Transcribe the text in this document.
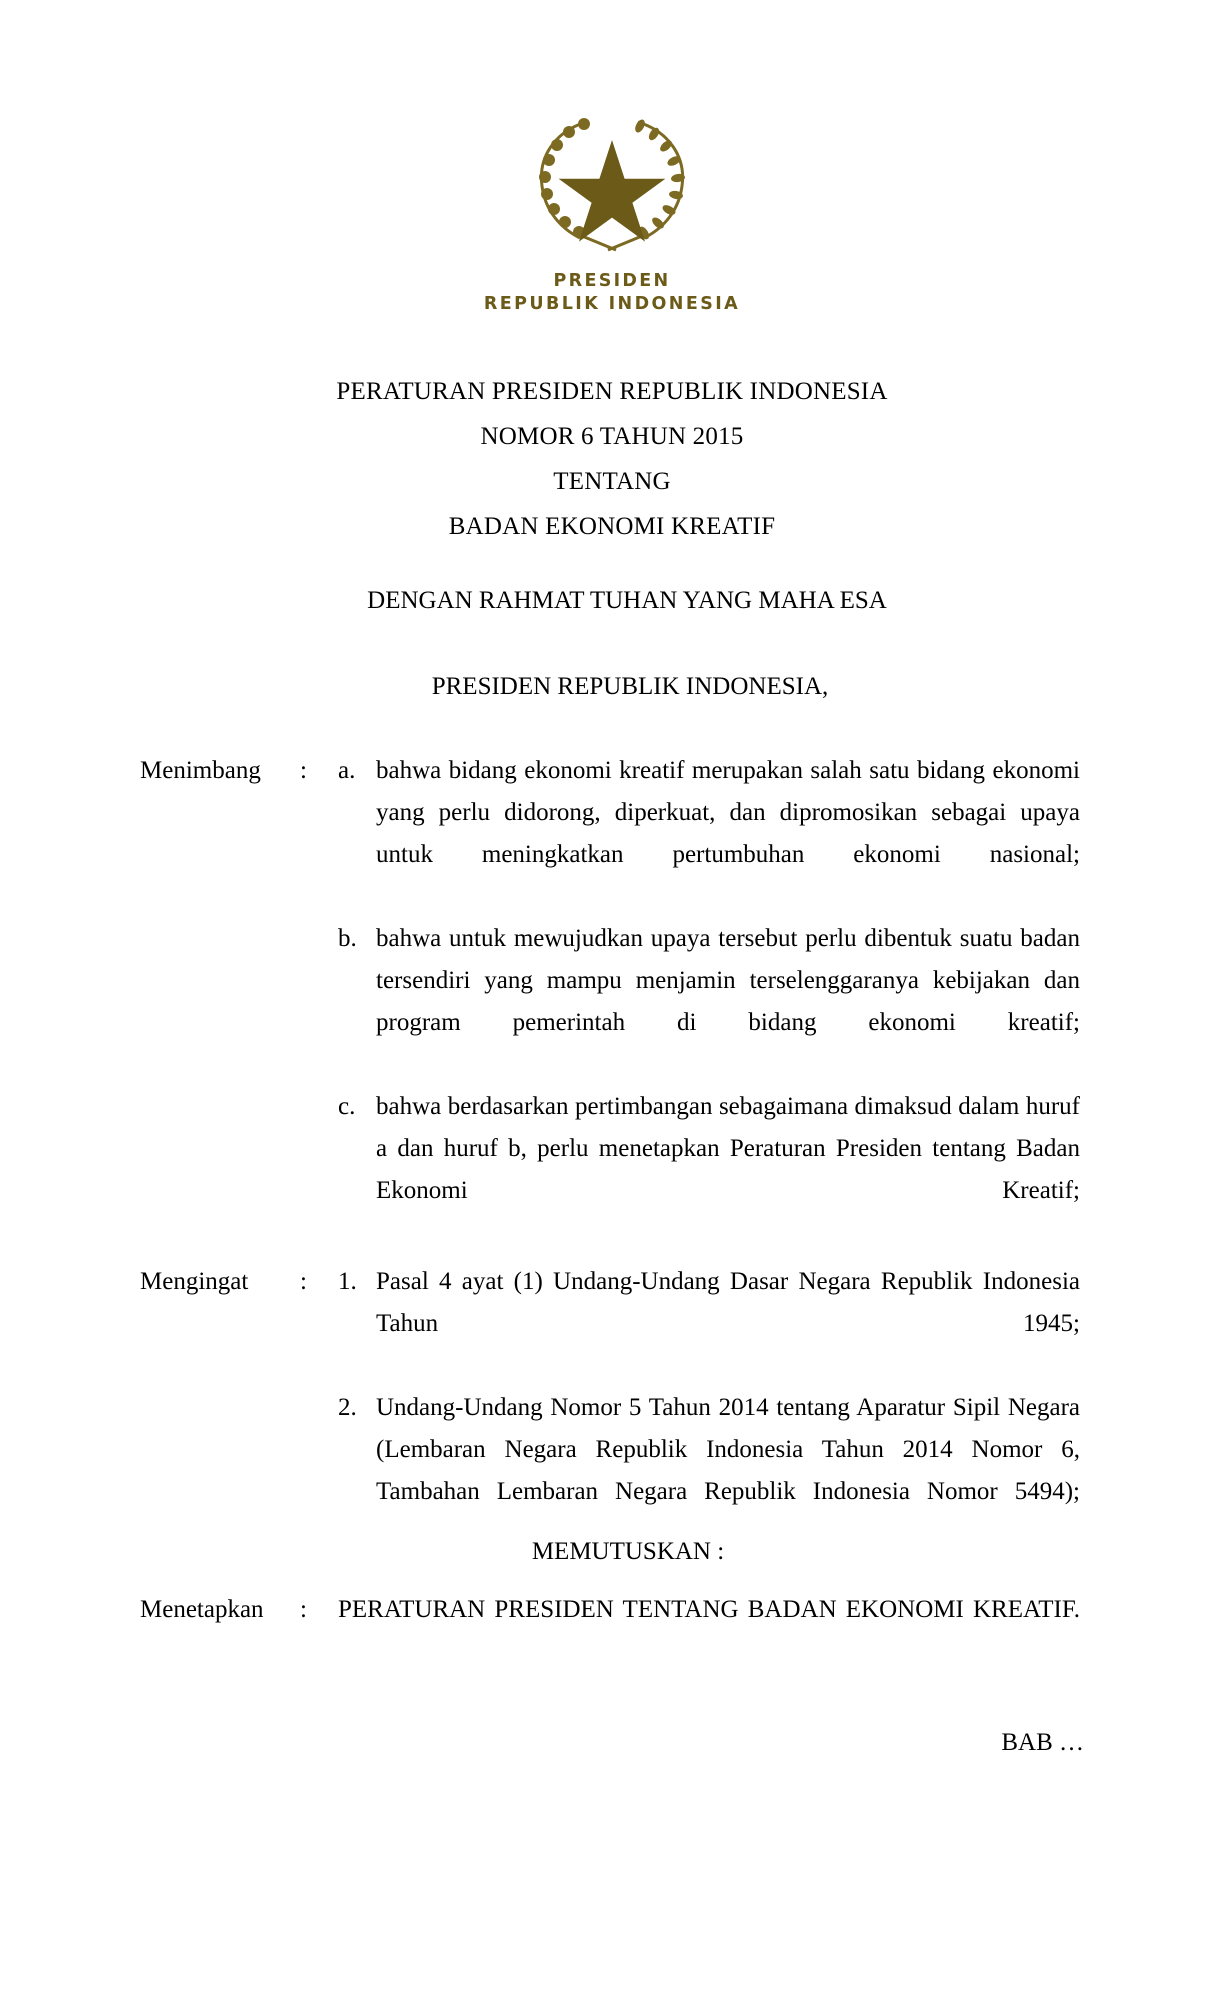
PRESIDEN
REPUBLIK INDONESIA
PERATURAN PRESIDEN REPUBLIK INDONESIA
NOMOR 6 TAHUN 2015
TENTANG
BADAN EKONOMI KREATIF
DENGAN RAHMAT TUHAN YANG MAHA ESA
PRESIDEN REPUBLIK INDONESIA,
Menimbang	:	a. bahwa bidang ekonomi kreatif merupakan salah satu bidang ekonomi yang perlu didorong, diperkuat, dan dipromosikan sebagai upaya untuk meningkatkan pertumbuhan ekonomi nasional;
b. bahwa untuk mewujudkan upaya tersebut perlu dibentuk suatu badan tersendiri yang mampu menjamin terselenggaranya kebijakan dan program pemerintah di bidang ekonomi kreatif;
c. bahwa berdasarkan pertimbangan sebagaimana dimaksud dalam huruf a dan huruf b, perlu menetapkan Peraturan Presiden tentang Badan Ekonomi Kreatif;
Mengingat	:	1. Pasal 4 ayat (1) Undang-Undang Dasar Negara Republik Indonesia Tahun 1945;
2. Undang-Undang Nomor 5 Tahun 2014 tentang Aparatur Sipil Negara (Lembaran Negara Republik Indonesia Tahun 2014 Nomor 6, Tambahan Lembaran Negara Republik Indonesia Nomor 5494);
MEMUTUSKAN :
Menetapkan	:	PERATURAN PRESIDEN TENTANG BADAN EKONOMI KREATIF.
BAB …
